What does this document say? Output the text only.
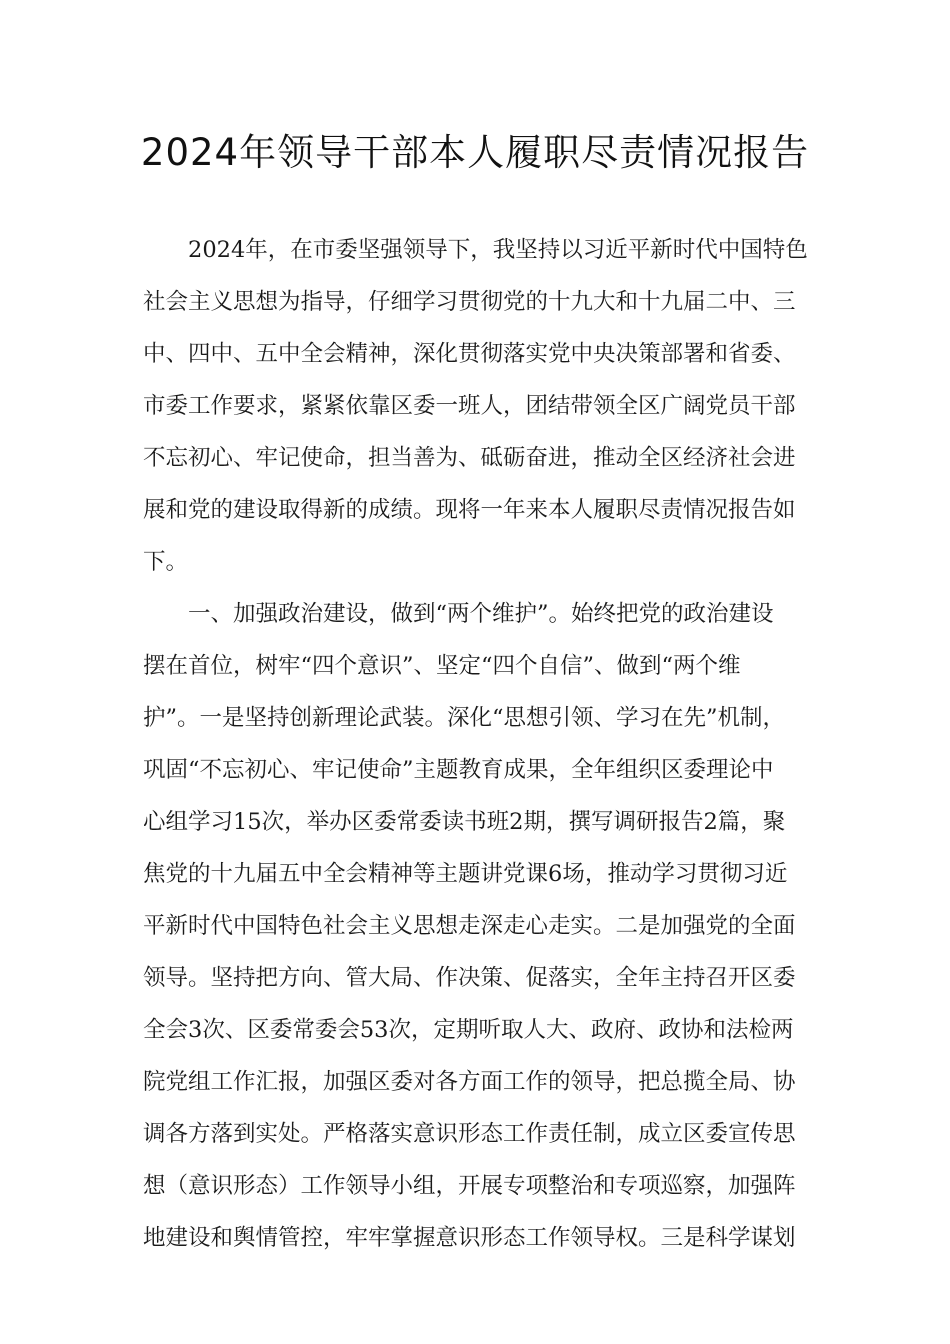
2024年领导干部本人履职尽责情况报告
2024年，在市委坚强领导下，我坚持以习近平新时代中国特色
社会主义思想为指导，仔细学习贯彻党的十九大和十九届二中、三
中、四中、五中全会精神，深化贯彻落实党中央决策部署和省委、
市委工作要求，紧紧依靠区委一班人，团结带领全区广阔党员干部
不忘初心、牢记使命，担当善为、砥砺奋进，推动全区经济社会进
展和党的建设取得新的成绩。现将一年来本人履职尽责情况报告如
下。
一、加强政治建设，做到“两个维护”。始终把党的政治建设
摆在首位，树牢“四个意识”、坚定“四个自信”、做到“两个维
护”。一是坚持创新理论武装。深化“思想引领、学习在先”机制，
巩固“不忘初心、牢记使命”主题教育成果，全年组织区委理论中
心组学习15次，举办区委常委读书班2期，撰写调研报告2篇，聚
焦党的十九届五中全会精神等主题讲党课6场，推动学习贯彻习近
平新时代中国特色社会主义思想走深走心走实。二是加强党的全面
领导。坚持把方向、管大局、作决策、促落实，全年主持召开区委
全会3次、区委常委会53次，定期听取人大、政府、政协和法检两
院党组工作汇报，加强区委对各方面工作的领导，把总揽全局、协
调各方落到实处。严格落实意识形态工作责任制，成立区委宣传思
想（意识形态）工作领导小组，开展专项整治和专项巡察，加强阵
地建设和舆情管控，牢牢掌握意识形态工作领导权。三是科学谋划
